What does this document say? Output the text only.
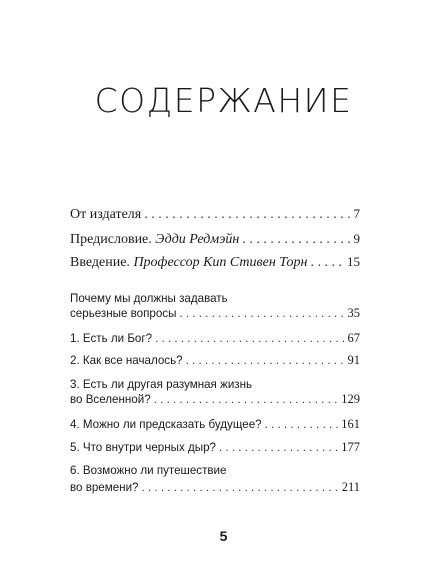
СОДЕРЖАНИЕ
От издателя . . .	7
Предисловие. Эдди Редмэйн . . .	9
Введение. Профессор Кип Стивен Торн . . .	15
Почему мы должны задавать
серьезные вопросы . . .	35
1. Есть ли Бог? . . .	67
2. Как все началось? . . .	91
3. Есть ли другая разумная жизнь
во Вселенной? . . .	129
4. Можно ли предсказать будущее? . . .	161
5. Что внутри черных дыр? . . .	177
6. Возможно ли путешествие
во времени? . . .	211
5
